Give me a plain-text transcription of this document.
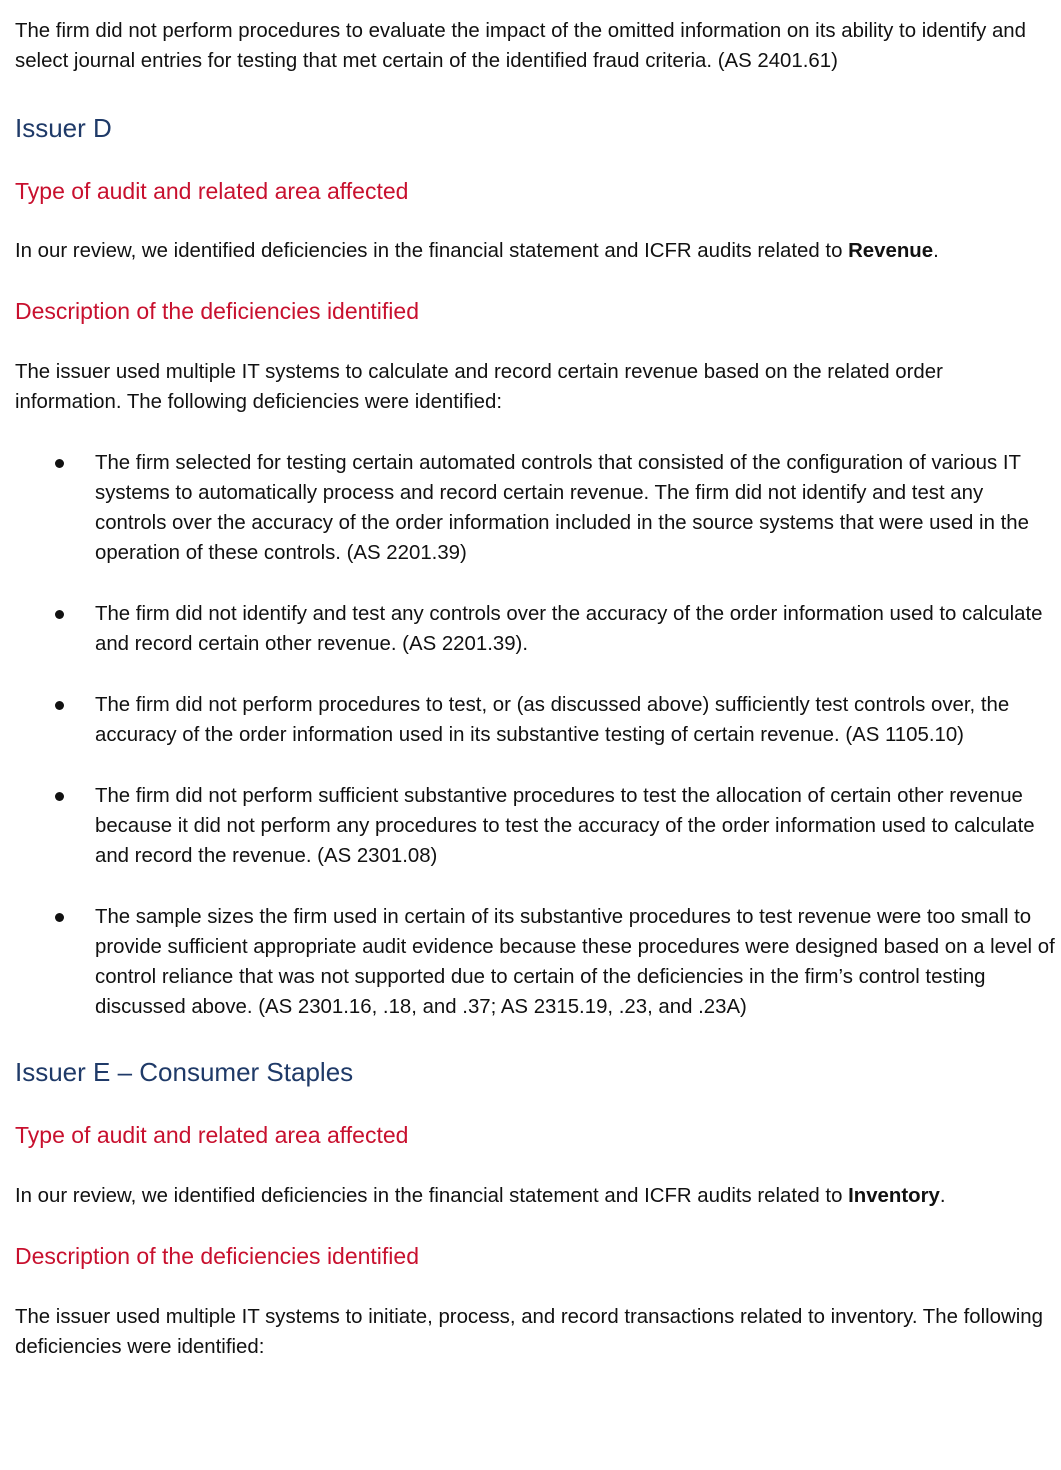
The firm did not perform procedures to evaluate the impact of the omitted information on its ability to identify and select journal entries for testing that met certain of the identified fraud criteria. (AS 2401.61)

Issuer D
Type of audit and related area affected

In our review, we identified deficiencies in the financial statement and ICFR audits related to Revenue.

Description of the deficiencies identified

The issuer used multiple IT systems to calculate and record certain revenue based on the related order information. The following deficiencies were identified:

The firm selected for testing certain automated controls that consisted of the configuration of various IT systems to automatically process and record certain revenue. The firm did not identify and test any controls over the accuracy of the order information included in the source systems that were used in the operation of these controls. (AS 2201.39)
The firm did not identify and test any controls over the accuracy of the order information used to calculate and record certain other revenue. (AS 2201.39).
The firm did not perform procedures to test, or (as discussed above) sufficiently test controls over, the accuracy of the order information used in its substantive testing of certain revenue. (AS 1105.10)
The firm did not perform sufficient substantive procedures to test the allocation of certain other revenue because it did not perform any procedures to test the accuracy of the order information used to calculate and record the revenue. (AS 2301.08)
The sample sizes the firm used in certain of its substantive procedures to test revenue were too small to provide sufficient appropriate audit evidence because these procedures were designed based on a level of control reliance that was not supported due to certain of the deficiencies in the firm’s control testing discussed above. (AS 2301.16, .18, and .37; AS 2315.19, .23, and .23A)
Issuer E – Consumer Staples
Type of audit and related area affected

In our review, we identified deficiencies in the financial statement and ICFR audits related to Inventory.

Description of the deficiencies identified

The issuer used multiple IT systems to initiate, process, and record transactions related to inventory. The following deficiencies were identified:
